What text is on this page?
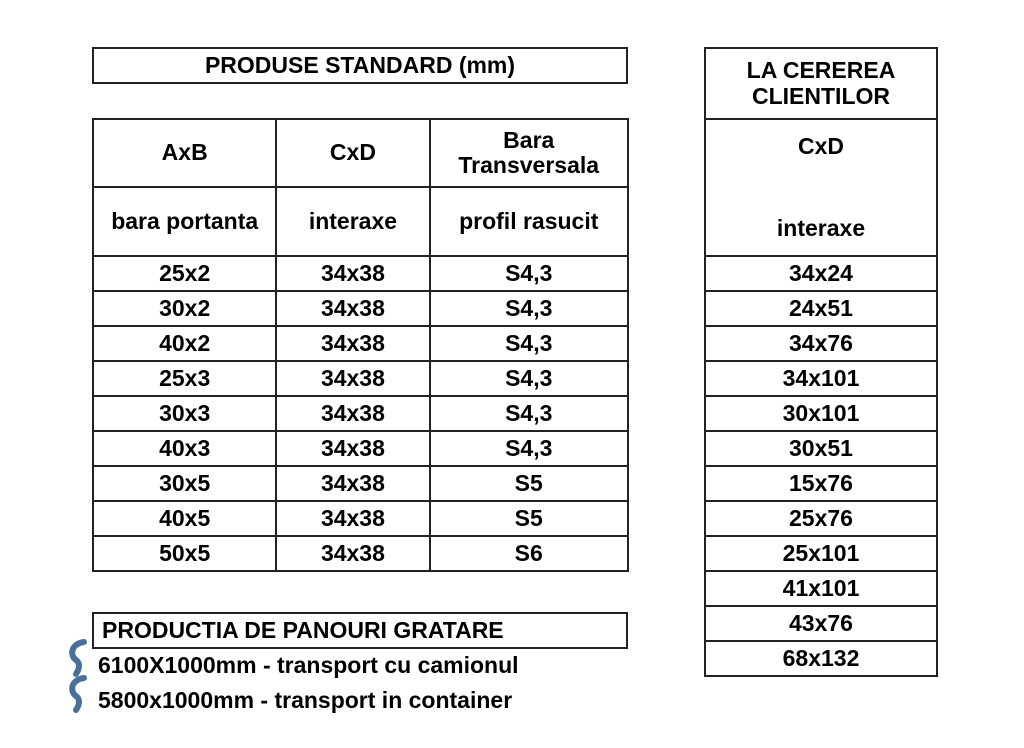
PRODUSE STANDARD (mm)
AxB	CxD	Bara Transversala
bara portanta	interaxe	profil rasucit
25x2	34x38	S4,3
30x2	34x38	S4,3
40x2	34x38	S4,3
25x3	34x38	S4,3
30x3	34x38	S4,3
40x3	34x38	S4,3
30x5	34x38	S5
40x5	34x38	S5
50x5	34x38	S6
LA CEREREA CLIENTILOR

CxD
interaxe

34x24
24x51
34x76
34x101
30x101
30x51
15x76
25x76
25x101
41x101
43x76
68x132
PRODUCTIA DE PANOURI GRATARE
6100X1000mm - transport cu camionul
5800x1000mm - transport in container
